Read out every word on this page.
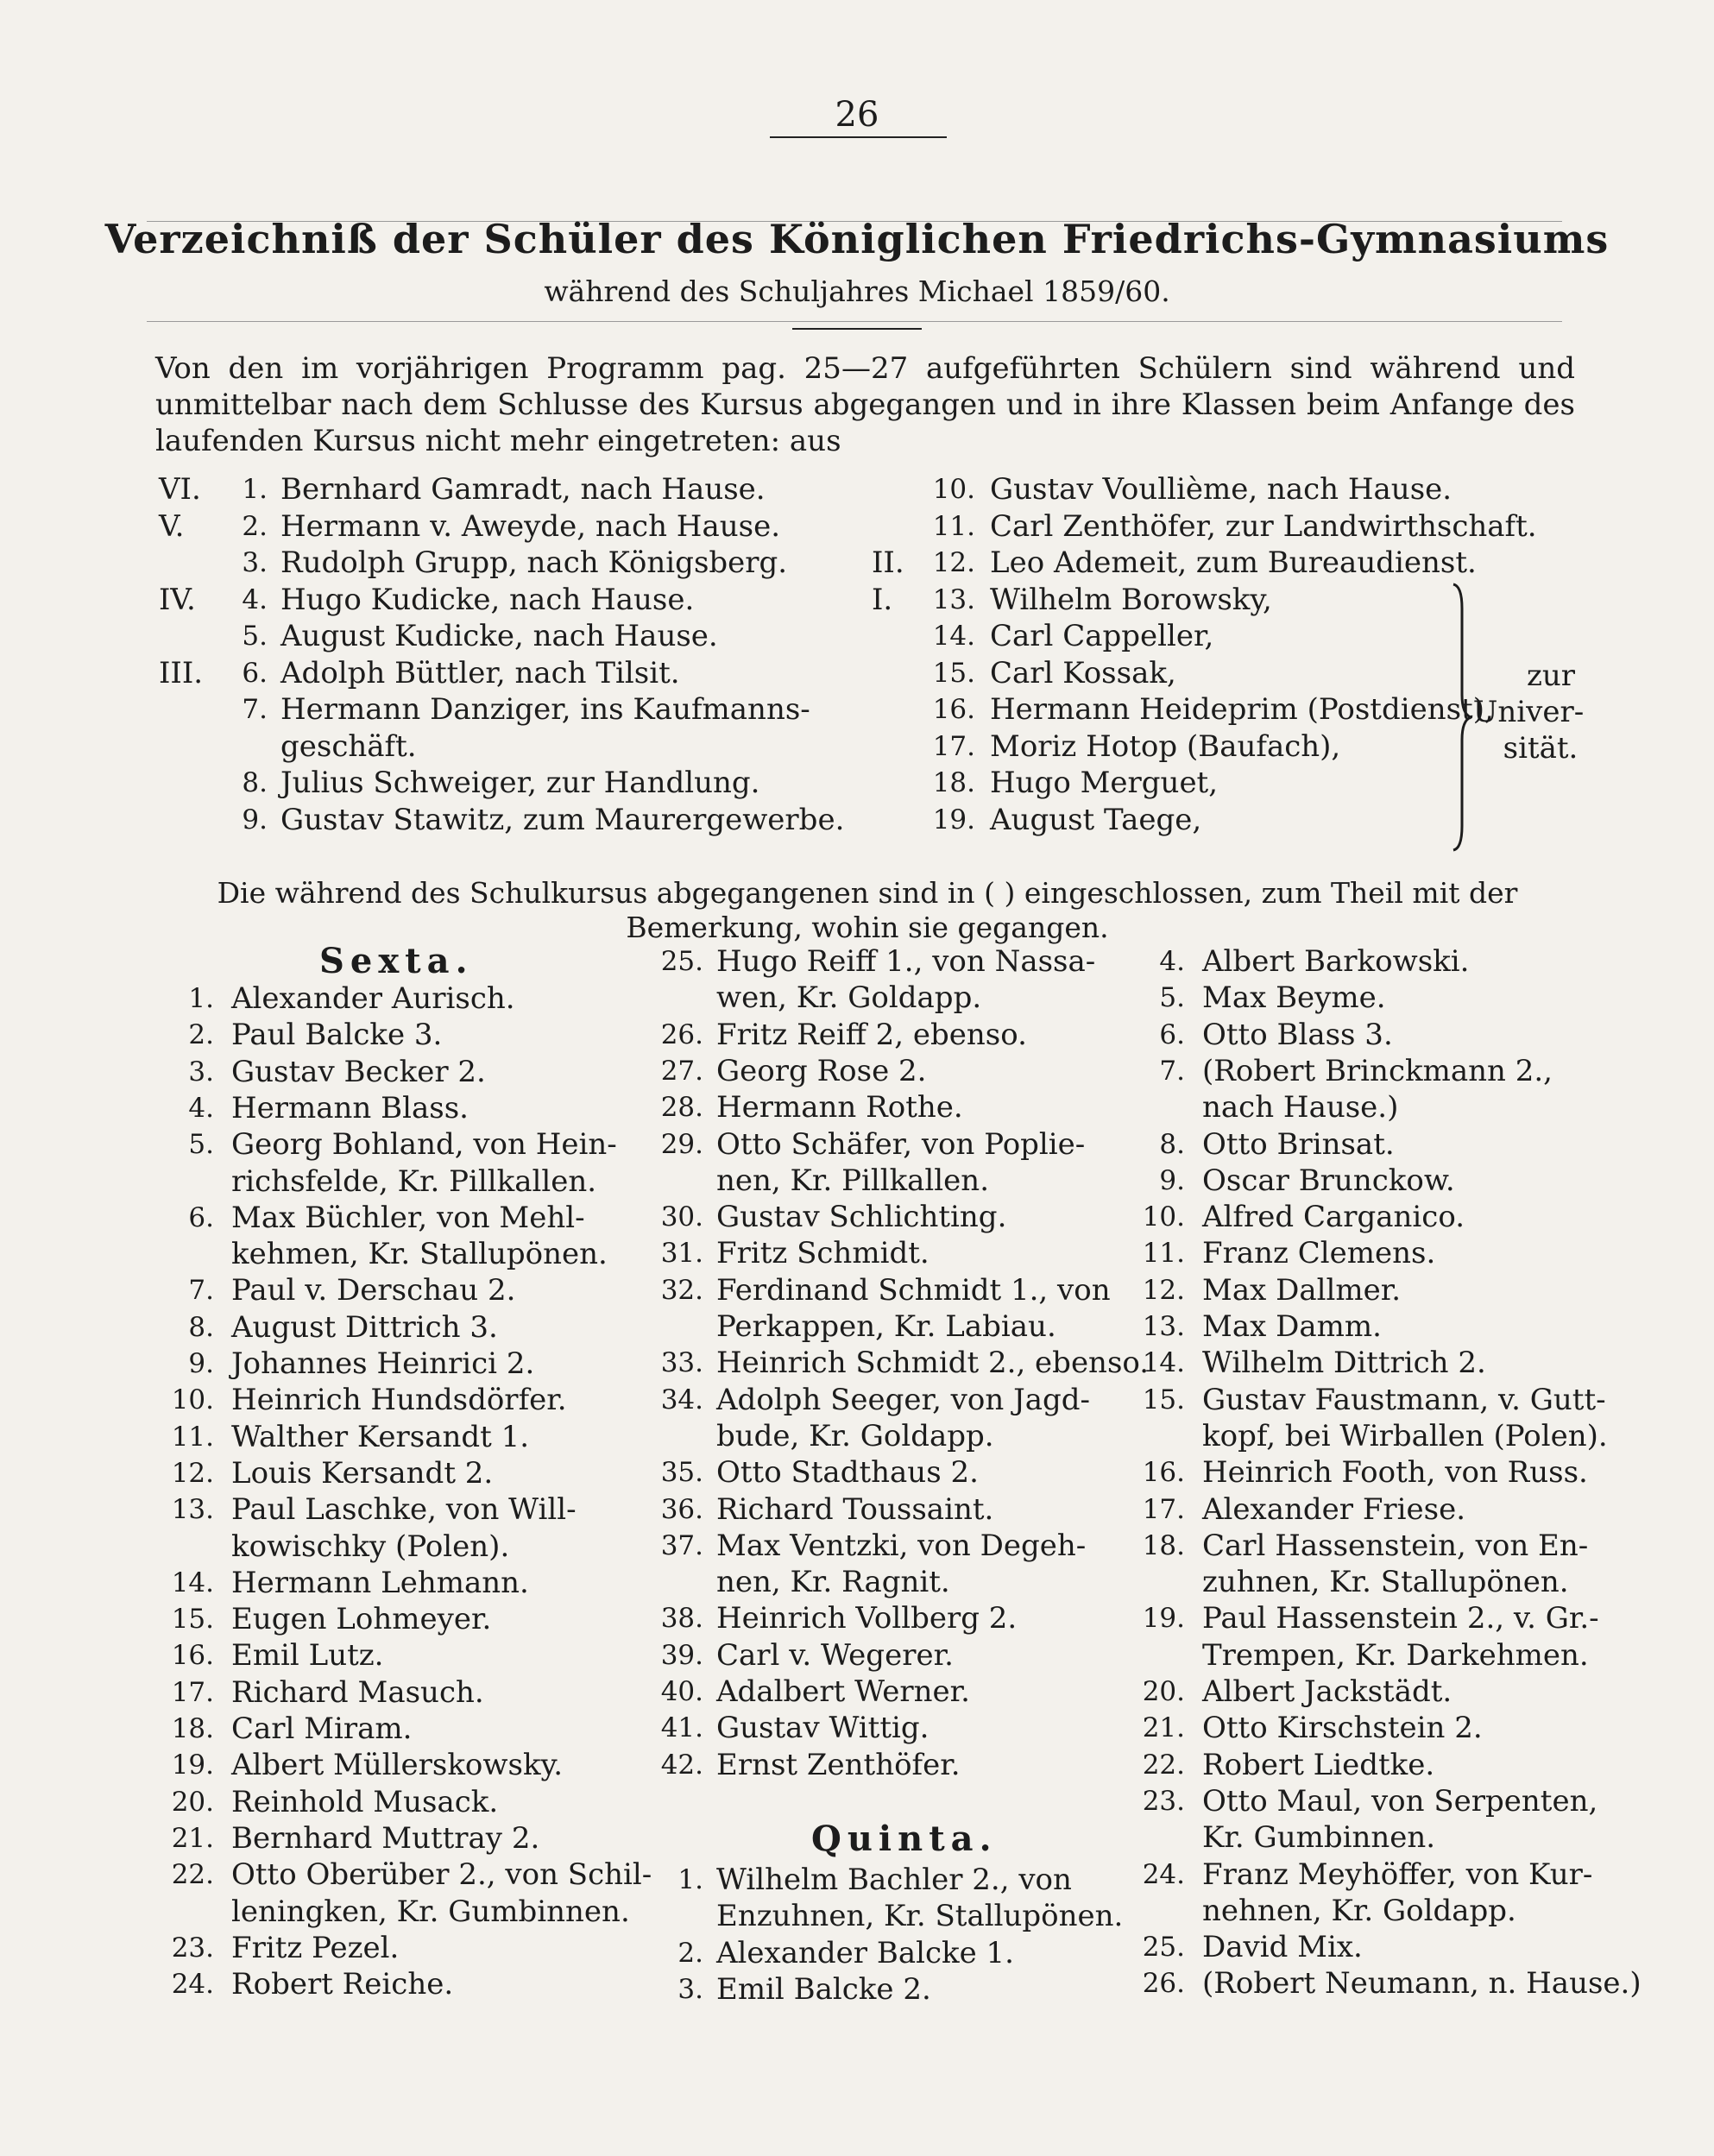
26
Verzeichniß der Schüler des Königlichen Friedrichs-Gymnasiums
während des Schuljahres Michael 1859/60.
Von den im vorjährigen Programm pag. 25—27 aufgeführten Schülern sind während und unmittelbar nach dem Schlusse des Kursus abgegangen und in ihre Klassen beim Anfange des laufenden Kursus nicht mehr eingetreten: aus
VI.	1. Bernhard Gamradt, nach Hause.
V.	2. Hermann v. Aweyde, nach Hause.
3. Rudolph Grupp, nach Königsberg.
IV.	4. Hugo Kudicke, nach Hause.
5. August Kudicke, nach Hause.
III.	6. Adolph Büttler, nach Tilsit.
7. Hermann Danziger, ins Kaufmanns-
geschäft.
8. Julius Schweiger, zur Handlung.
9. Gustav Stawitz, zum Maurergewerbe.
10. Gustav Voullième, nach Hause.
11. Carl Zenthöfer, zur Landwirthschaft.
II.	12. Leo Ademeit, zum Bureaudienst.
I.	13. Wilhelm Borowsky,
14. Carl Cappeller,
15. Carl Kossak,
16. Hermann Heideprim (Postdienst),
17. Moriz Hotop (Baufach),
18. Hugo Merguet,
19. August Taege,
zur
Univer-
sität.
Die während des Schulkursus abgegangenen sind in ( ) eingeschlossen, zum Theil mit der Bemerkung, wohin sie gegangen.
Sexta.
Quinta.
1. Alexander Aurisch.
2. Paul Balcke 3.
3. Gustav Becker 2.
4. Hermann Blass.
5. Georg Bohland, von Hein-
richsfelde, Kr. Pillkallen.
6. Max Büchler, von Mehl-
kehmen, Kr. Stallupönen.
7. Paul v. Derschau 2.
8. August Dittrich 3.
9. Johannes Heinrici 2.
10. Heinrich Hundsdörfer.
11. Walther Kersandt 1.
12. Louis Kersandt 2.
13. Paul Laschke, von Will-
kowischky (Polen).
14. Hermann Lehmann.
15. Eugen Lohmeyer.
16. Emil Lutz.
17. Richard Masuch.
18. Carl Miram.
19. Albert Müllerskowsky.
20. Reinhold Musack.
21. Bernhard Muttray 2.
22. Otto Oberüber 2., von Schil-
leningken, Kr. Gumbinnen.
23. Fritz Pezel.
24. Robert Reiche.
25. Hugo Reiff 1., von Nassa-
wen, Kr. Goldapp.
26. Fritz Reiff 2, ebenso.
27. Georg Rose 2.
28. Hermann Rothe.
29. Otto Schäfer, von Poplie-
nen, Kr. Pillkallen.
30. Gustav Schlichting.
31. Fritz Schmidt.
32. Ferdinand Schmidt 1., von
Perkappen, Kr. Labiau.
33. Heinrich Schmidt 2., ebenso.
34. Adolph Seeger, von Jagd-
bude, Kr. Goldapp.
35. Otto Stadthaus 2.
36. Richard Toussaint.
37. Max Ventzki, von Degeh-
nen, Kr. Ragnit.
38. Heinrich Vollberg 2.
39. Carl v. Wegerer.
40. Adalbert Werner.
41. Gustav Wittig.
42. Ernst Zenthöfer.
1. Wilhelm Bachler 2., von
Enzuhnen, Kr. Stallupönen.
2. Alexander Balcke 1.
3. Emil Balcke 2.
4. Albert Barkowski.
5. Max Beyme.
6. Otto Blass 3.
7. (Robert Brinckmann 2.,
nach Hause.)
8. Otto Brinsat.
9. Oscar Brunckow.
10. Alfred Carganico.
11. Franz Clemens.
12. Max Dallmer.
13. Max Damm.
14. Wilhelm Dittrich 2.
15. Gustav Faustmann, v. Gutt-
kopf, bei Wirballen (Polen).
16. Heinrich Footh, von Russ.
17. Alexander Friese.
18. Carl Hassenstein, von En-
zuhnen, Kr. Stallupönen.
19. Paul Hassenstein 2., v. Gr.-
Trempen, Kr. Darkehmen.
20. Albert Jackstädt.
21. Otto Kirschstein 2.
22. Robert Liedtke.
23. Otto Maul, von Serpenten,
Kr. Gumbinnen.
24. Franz Meyhöffer, von Kur-
nehnen, Kr. Goldapp.
25. David Mix.
26. (Robert Neumann, n. Hause.)
